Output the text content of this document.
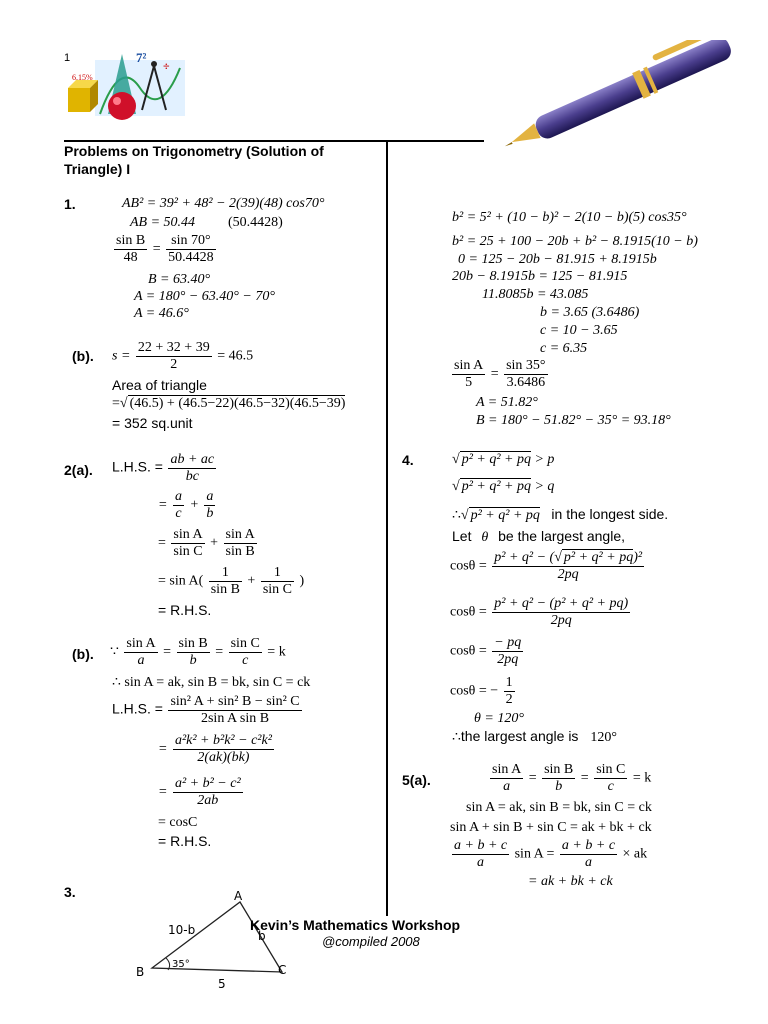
1
6.15%
7²
÷
Problems on Trigonometry (Solution of Triangle) I
1.	AB² = 39² + 48² − 2(39)(48) cos70°
AB = 50.44 (50.4428)
$\frac{\text{sin B}}{48} = \frac{\sin 70^\circ}{50.4428}$
B = 63.40°
A = 180° − 63.40° − 70°
A = 46.6°
(b). $s = \frac{22 + 32 + 39}{2} = 46.5$
Area of triangle
=√ (46.5) + (46.5−22)(46.5−32)(46.5−39)
= 352 sq.unit
2(a). L.H.S. = $\frac{ab + ac}{bc}$
= $\frac{a}{c} + \frac{a}{b}$
= $\frac{\text{sin A}}{\text{sin C}} + \frac{\text{sin A}}{\text{sin B}}$
= $\sin A( \frac{1}{\text{sin B}} + \frac{1}{\text{sin C}}$ )
= R.H.S.
(b). ∵ $\frac{\text{sin A}}{a} = \frac{\text{sin B}}{b} = \frac{\text{sin C}}{c} = k$
∴ sin A = ak, sin B = bk, sin C = ck
L.H.S. = $\frac{\text{sin² A + sin² B − sin² C}}{\text{2sin A sin B}}$
= $\frac{\text{a²k² + b²k² − c²k²}}{2(ak)(bk)}$
= $\frac{\text{a² + b² − c²}}{2ab}$
= cosC
= R.H.S.
3.	A
B	C
10-b	b
5
35°
b² = 5² + (10 − b)² − 2(10 − b)(5) cos35°
b² = 25 + 100 − 20b + b² − 8.1915(10 − b)
0 = 125 − 20b − 81.915 + 8.1915b
20b − 8.1915b = 125 − 81.915
11.8085b = 43.085
b = 3.65 (3.6486)
c = 10 − 3.65
c = 6.35
$\frac{\text{sin A}}{5} = \frac{\sin 35^\circ}{3.6486}$
A = 51.82°
B = 180° − 51.82° − 35° = 93.18°
4.	√ p² + q² + pq > p
√ p² + q² + pq > q
∴√ p² + q² + pq in the longest side.
Let θ be the largest angle,
$\cos\theta = \frac{\text{p² + q² − (√ p² + q² + pq)²}}{2pq}$
$\cos\theta = \frac{\text{p² + q² − (p² + q² + pq)}}{2pq}$
$\cos\theta = \frac{- pq}{2pq}$
cosθ = − $\frac{1}{2}$
θ = 120°
∴the largest angle is 120°
5(a).	$\frac{\text{sin A}}{a} = \frac{\text{sin B}}{b} = \frac{\text{sin C}}{c} = k$
sin A = ak, sin B = bk, sin C = ck
sin A + sin B + sin C = ak + bk + ck
$\frac{a + b + c}{a}$ $\sin A = \frac{a + b + c}{a}$ × ak
= ak + bk + ck
Kevin’s Mathematics Workshop
@compiled 2008
